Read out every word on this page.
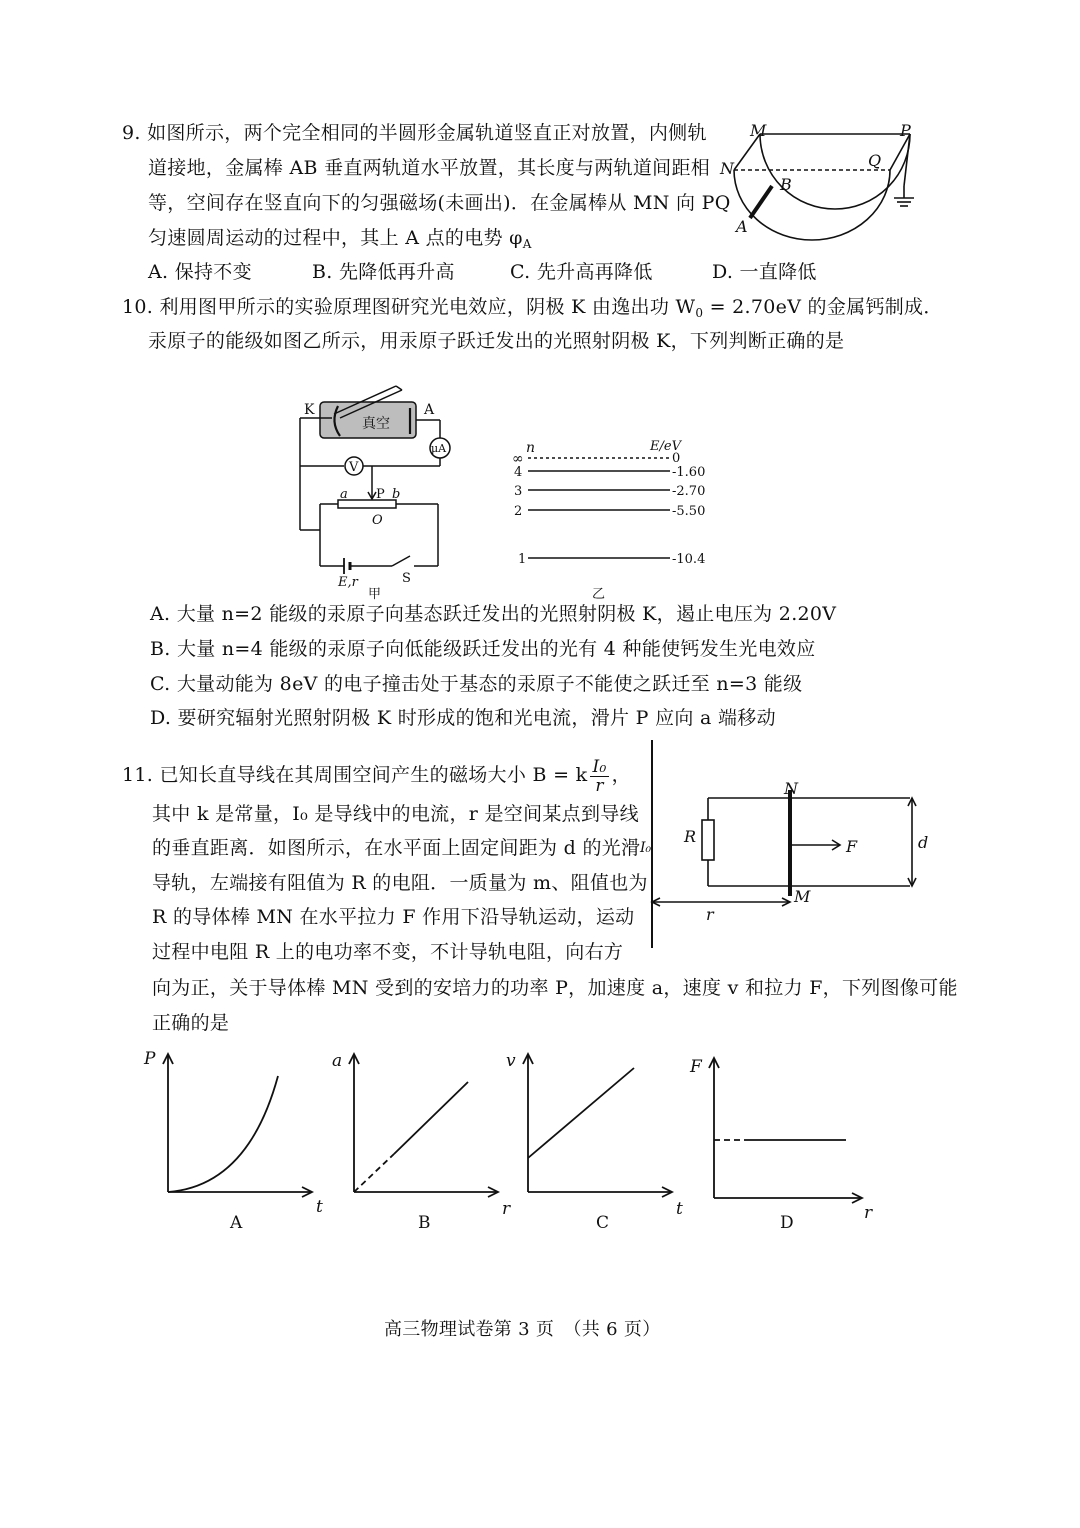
9. 如图所示，两个完全相同的半圆形金属轨道竖直正对放置，内侧轨
道接地，金属棒 AB 垂直两轨道水平放置，其长度与两轨道间距相
等，空间存在竖直向下的匀强磁场(未画出)．在金属棒从 MN 向 PQ
匀速圆周运动的过程中，其上 A 点的电势 $\varphi_A$
A. 保持不变	B. 先降低再升高	C. 先升高再降低	D. 一直降低
M	P
N	Q
B
A
10. 利用图甲所示的实验原理图研究光电效应，阴极 K 由逸出功 $W_0 = 2.70eV$ 的金属钙制成．
汞原子的能级如图乙所示，用汞原子跃迁发出的光照射阴极 K，下列判断正确的是
K	A
真空
μA
V
a P b
O
E,r	S
甲
n	E/eV
∞	0
4	-1.60
3	-2.70
2	-5.50
1	-10.4
乙
A. 大量 n=2 能级的汞原子向基态跃迁发出的光照射阴极 K，遏止电压为 2.20V
B. 大量 n=4 能级的汞原子向低能级跃迁发出的光有 4 种能使钙发生光电效应
C. 大量动能为 8eV 的电子撞击处于基态的汞原子不能使之跃迁至 n=3 能级
D. 要研究辐射光照射阴极 K 时形成的饱和光电流，滑片 P 应向 a 端移动
11. 已知长直导线在其周围空间产生的磁场大小 B = k $\frac{\text{I₀}}{r}$ ，
其中 k 是常量，I₀ 是导线中的电流，r 是空间某点到导线
的垂直距离．如图所示，在水平面上固定间距为 d 的光滑
导轨，左端接有阻值为 R 的电阻．一质量为 m、阻值也为
R 的导体棒 MN 在水平拉力 F 作用下沿导轨运动，运动
过程中电阻 R 上的电功率不变，不计导轨电阻，向右方
向为正，关于导体棒 MN 受到的安培力的功率 P，加速度 a，速度 v 和拉力 F，下列图像可能
正确的是
N
R
F	d
M
r
I₀
P
t
A
a
r
B
v
t
C
F
r
D
高三物理试卷第 3 页　（共 6 页）
